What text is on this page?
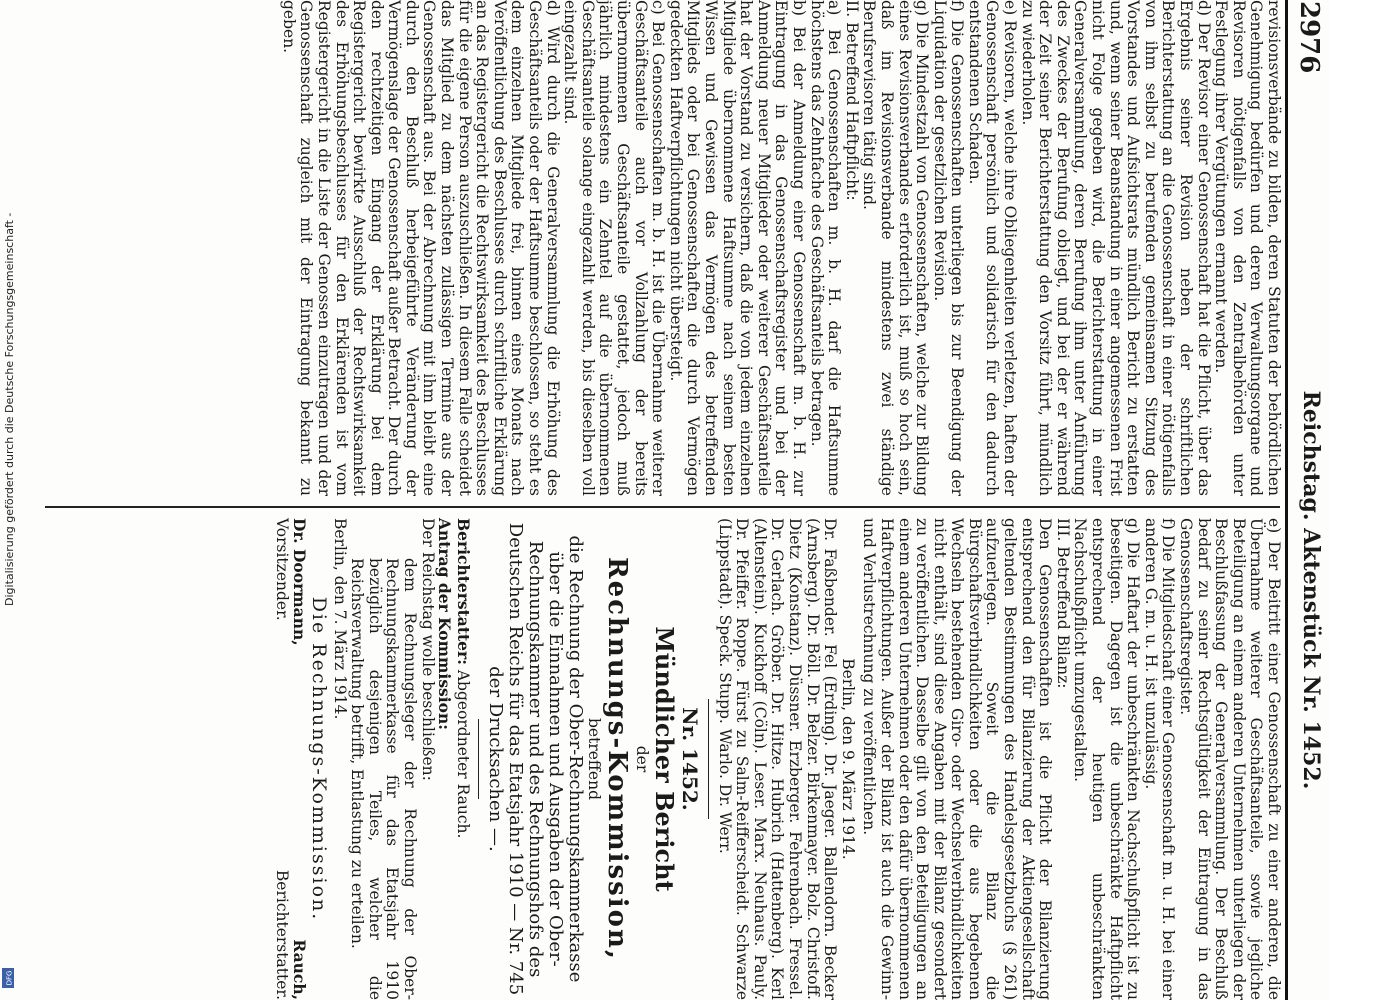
2976
Reichstag. Aktenstück Nr. 1452.

revisionsverbände zu bilden, deren Statuten der behördlichen Genehmigung bedürfen und deren Verwaltungsorgane und Revisoren nötigenfalls von den Zentralbehörden unter Festlegung ihrer Vergütungen ernannt werden.

d) Der Revisor einer Genossenschaft hat die Pflicht, über das Ergebnis seiner Revision neben der schriftlichen Berichterstattung an die Genossenschaft in einer nötigenfalls von ihm selbst zu berufenden gemeinsamen Sitzung des Vorstandes und Aufsichtsrats mündlich Bericht zu erstatten und, wenn seiner Beanstandung in einer angemessenen Frist nicht Folge gegeben wird, die Berichterstattung in einer Generalversammlung, deren Berufung ihm unter Anführung des Zweckes der Berufung obliegt, und bei der er während der Zeit seiner Berichterstattung den Vorsitz führt, mündlich zu wiederholen.

e) Revisoren, welche ihre Obliegenheiten verletzen, haften der Genossenschaft persönlich und solidarisch für den dadurch entstandenen Schaden.

f) Die Genossenschaften unterliegen bis zur Beendigung der Liquidation der gesetzlichen Revision.

g) Die Mindestzahl von Genossenschaften, welche zur Bildung eines Revisionsverbandes erforderlich ist, muß so hoch sein, daß im Revisionsverbande mindestens zwei ständige Berufsrevisoren tätig sind.

II. Betreffend Haftpflicht:

a) Bei Genossenschaften m. b. H. darf die Haftsumme höchstens das Zehnfache des Geschäftsanteils betragen.

b) Bei der Anmeldung einer Genossenschaft m. b. H. zur Eintragung in das Genossenschaftsregister und bei der Anmeldung neuer Mitglieder oder weiterer Geschäftsanteile hat der Vorstand zu versichern, daß die von jedem einzelnen Mitgliede übernommene Haftsumme nach seinem besten Wissen und Gewissen das Vermögen des betreffenden Mitglieds oder bei Genossenschaften die durch Vermögen gedeckten Haftverpflichtungen nicht übersteigt.

c) Bei Genossenschaften m. b. H. ist die Übernahme weiterer Geschäftsanteile auch vor Vollzahlung der bereits übernommenen Geschäftsanteile gestattet, jedoch muß jährlich mindestens ein Zehntel auf die übernommenen Geschäftsanteile solange eingezahlt werden, bis dieselben voll eingezahlt sind.

d) Wird durch die Generalversammlung die Erhöhung des Geschäftsanteils oder der Haftsumme beschlossen, so steht es dem einzelnen Mitgliede frei, binnen eines Monats nach Veröffentlichung des Beschlusses durch schriftliche Erklärung an das Registergericht die Rechtswirksamkeit des Beschlusses für die eigene Person auszuschließen. In diesem Falle scheidet das Mitglied zu dem nächsten zulässigen Termine aus der Genossenschaft aus. Bei der Abrechnung mit ihm bleibt eine durch den Beschluß herbeigeführte Veränderung der Vermögenslage der Genossenschaft außer Betracht. Der durch den rechtzeitigen Eingang der Erklärung bei dem Registergericht bewirkte Ausschluß der Rechtswirksamkeit des Erhöhungsbeschlusses für den Erklärenden ist vom Registergericht in die Liste der Genossen einzutragen und der Genossenschaft zugleich mit der Eintragung bekannt zu geben.

e) Der Beitritt einer Genossenschaft zu einer anderen, die Übernahme weiterer Geschäftsanteile, sowie jegliche Beteiligung an einem anderen Unternehmen unterliegen der Beschlußfassung der Generalversammlung. Der Beschluß bedarf zu seiner Rechtsgültigkeit der Eintragung in das Genossenschaftsregister.

f) Die Mitgliedschaft einer Genossenschaft m. u. H. bei einer anderen G. m. u. H. ist unzulässig.

g) Die Haftart der unbeschränkten Nachschußpflicht ist zu beseitigen. Dagegen ist die unbeschränkte Haftpflicht entsprechend der heutigen unbeschränkten Nachschußpflicht umzugestalten.

III. Betreffend Bilanz:

Den Genossenschaften ist die Pflicht der Bilanzierung entsprechend den für Bilanzierung der Aktiengesellschaft geltenden Bestimmungen des Handelsgesetzbuchs (§ 261) aufzuerlegen. Soweit die Bilanz die Bürgschaftsverbindlichkeiten oder die aus begebenen Wechseln bestehenden Giro- oder Wechselverbindlichkeiten nicht enthält, sind diese Angaben mit der Bilanz gesondert zu veröffentlichen. Dasselbe gilt von den Beteiligungen an einem anderen Unternehmen oder den dafür übernommenen Haftverpflichtungen. Außer der Bilanz ist auch die Gewinn- und Verlustrechnung zu veröffentlichen.

Berlin, den 9. März 1914.

Dr. Faßbender. Fel (Erding). Dr. Jaeger. Ballendorn. Becker (Arnsberg). Dr. Böll. Dr. Belzer. Birkenmayer. Bolz. Christoff. Dietz (Konstanz). Düssner. Erzberger. Fehrenbach. Fressel. Dr. Gerlach. Gröber. Dr. Hitze. Hubrich (Hattenberg). Kerl (Altenstein). Kuckhoff (Cöln). Leser. Marx. Neuhaus. Pauly. Dr. Pfeiffer. Roppe. Fürst zu Salm-Reifferscheidt. Schwarze (Lippstadt). Speck. Stupp. Warlo. Dr. Werr.

Nr. 1452.

Mündlicher Bericht

der

Rechnungs-Kommission,

betreffend

die Rechnung der Ober-Rechnungskammerkasse über die Einnahmen und Ausgaben der Ober-Rechnungskammer und des Rechnungshofs des Deutschen Reichs für das Etatsjahr 1910 — Nr. 745 der Drucksachen —.

Berichterstatter: Abgeordneter Rauch.

Antrag der Kommission:

Der Reichstag wolle beschließen:

dem Rechnungsleger der Rechnung der Ober-Rechnungskammerkasse für das Etatsjahr 1910 bezüglich desjenigen Teiles, welcher die Reichsverwaltung betrifft, Entlastung zu erteilen.

Berlin, den 7. März 1914.

Die Rechnungs-Kommission.

Dr. Doormann,
Vorsitzender.
Rauch,
Berichterstatter.
Digitalisierung gefördert durch die Deutsche Forschungsgemeinschaft -
DFG
